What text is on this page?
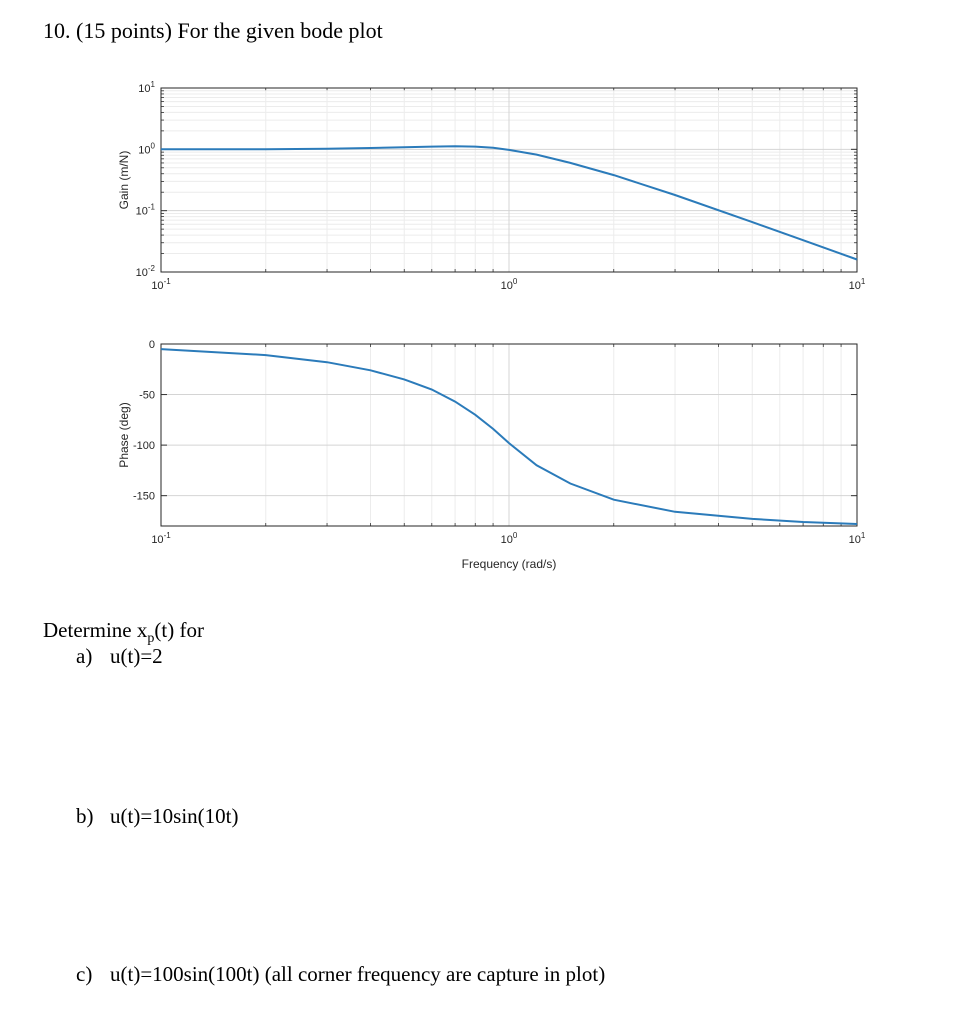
10. (15 points) For the given bode plot
$10^{-1}$	$10^0$	$10^1$
$10^1$
$10^0$
$10^{-1}$
$10^{-2}$
Gain (m/N)
$10^{-1}$	$10^0$	$10^1$
0
-50
-100
-150
Phase (deg)
Frequency (rad/s)
Determine $x_p(t)$ for
a) u(t)=2
b) u(t)=10sin(10t)
c) u(t)=100sin(100t) (all corner frequency are capture in plot)
